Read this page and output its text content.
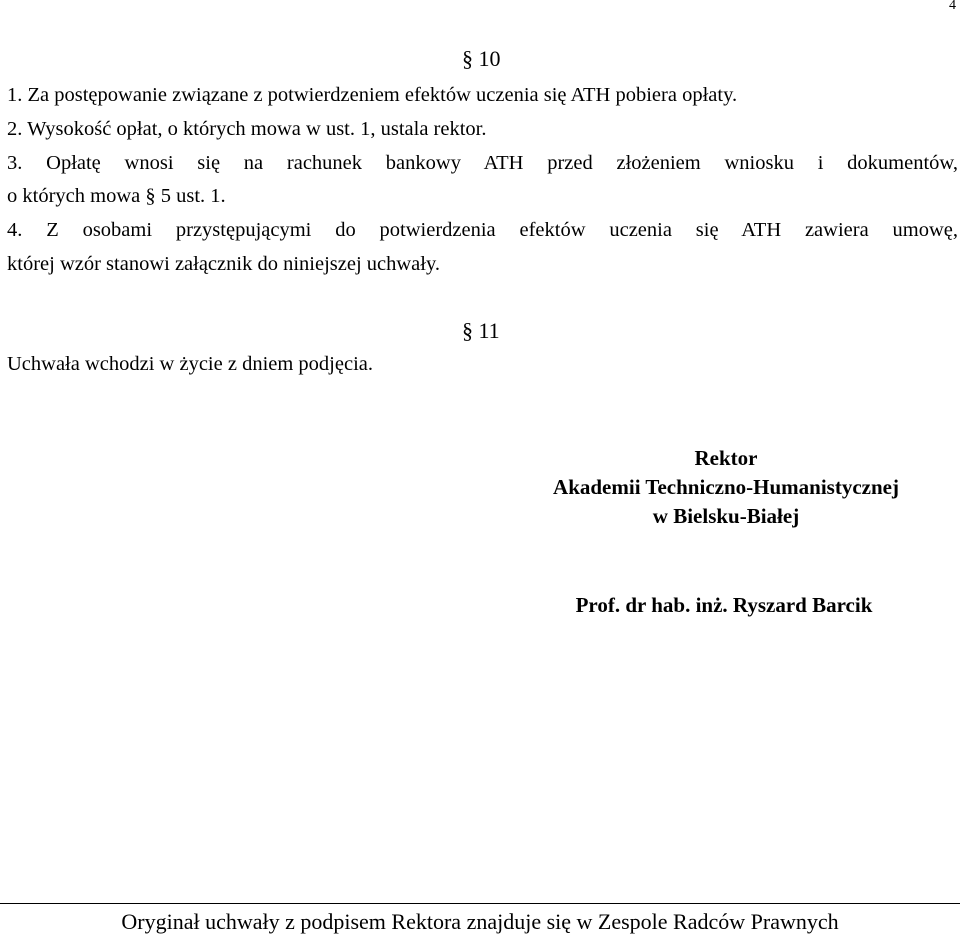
4
§ 10
1. Za postępowanie związane z potwierdzeniem efektów uczenia się ATH pobiera opłaty.
2. Wysokość opłat, o których mowa w ust. 1, ustala rektor.
3. Opłatę wnosi się na rachunek bankowy ATH przed złożeniem wniosku i dokumentów,
o których mowa § 5 ust. 1.
4. Z osobami przystępującymi do potwierdzenia efektów uczenia się ATH zawiera umowę,
której wzór stanowi załącznik do niniejszej uchwały.
§ 11
Uchwała wchodzi w życie z dniem podjęcia.
Rektor
Akademii Techniczno-Humanistycznej
w Bielsku-Białej
Prof. dr hab. inż. Ryszard Barcik
Oryginał uchwały z podpisem Rektora znajduje się w Zespole Radców Prawnych
